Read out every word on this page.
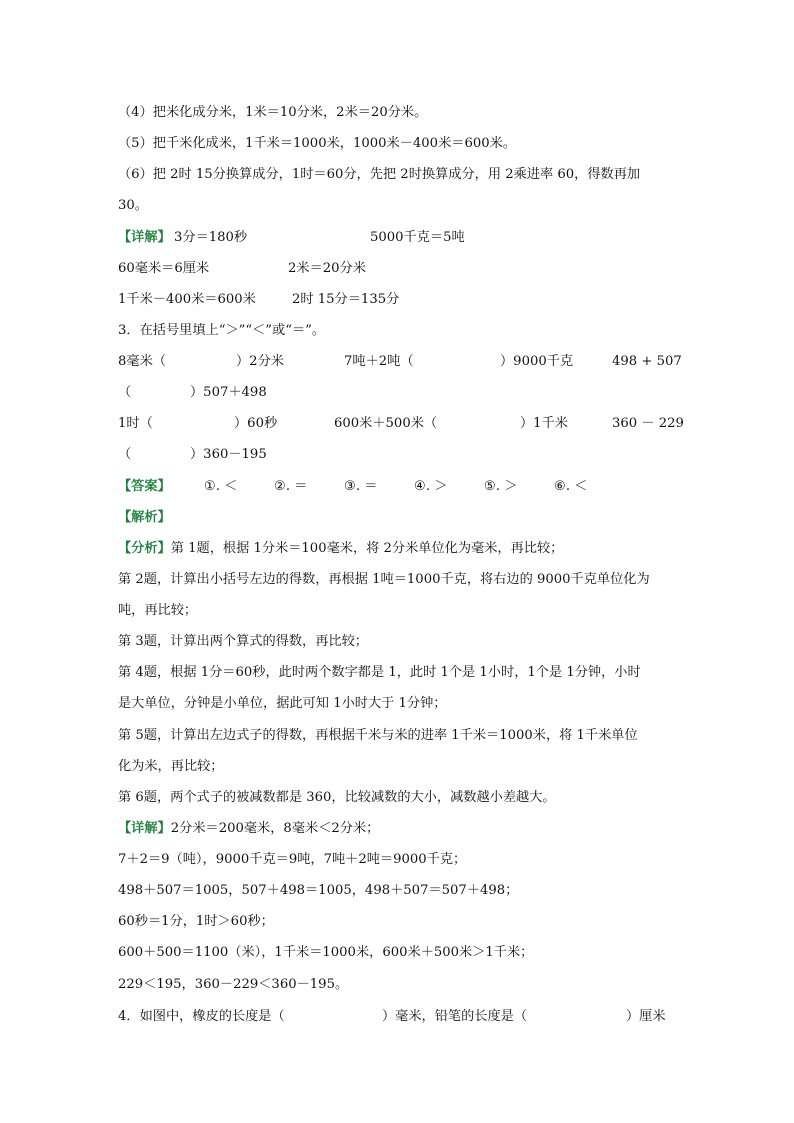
（4）把米化成分米，1米＝10分米，2米＝20分米。
（5）把千米化成米，1千米＝1000米，1000米－400米＝600米。
（6）把 2时 15分换算成分，1时＝60分，先把 2时换算成分，用 2乘进率 60，得数再加
30。
【详解】 3分＝180秒	5000千克＝5吨
60毫米＝6厘米	2米＝20分米
1千米－400米＝600米	2时 15分＝135分
3．在括号里填上“＞”“＜”或“＝”。
8毫米（	）2分米	7吨＋2吨（	）9000千克	498 + 507
（	）507＋498
1时（	）60秒	600米＋500米（	）1千米	360 － 229
（	）360－195
【答案】	①. ＜	②. ＝	③. ＝	④. ＞	⑤. ＞	⑥. ＜
【解析】
【分析】第 1题，根据 1分米＝100毫米，将 2分米单位化为毫米，再比较；
第 2题，计算出小括号左边的得数，再根据 1吨＝1000千克，将右边的 9000千克单位化为
吨，再比较；
第 3题，计算出两个算式的得数，再比较；
第 4题，根据 1分＝60秒，此时两个数字都是 1，此时 1个是 1小时，1个是 1分钟，小时
是大单位，分钟是小单位，据此可知 1小时大于 1分钟；
第 5题，计算出左边式子的得数，再根据千米与米的进率 1千米＝1000米，将 1千米单位
化为米，再比较；
第 6题，两个式子的被减数都是 360，比较减数的大小，减数越小差越大。
【详解】2分米＝200毫米，8毫米＜2分米；
7＋2＝9（吨），9000千克＝9吨，7吨＋2吨＝9000千克；
498＋507＝1005，507＋498＝1005，498＋507＝507＋498；
60秒＝1分，1时＞60秒；
600＋500＝1100（米），1千米＝1000米，600米＋500米＞1千米；
229＜195，360－229＜360－195。
4．如图中，橡皮的长度是（	）毫米，铅笔的长度是（	）厘米
